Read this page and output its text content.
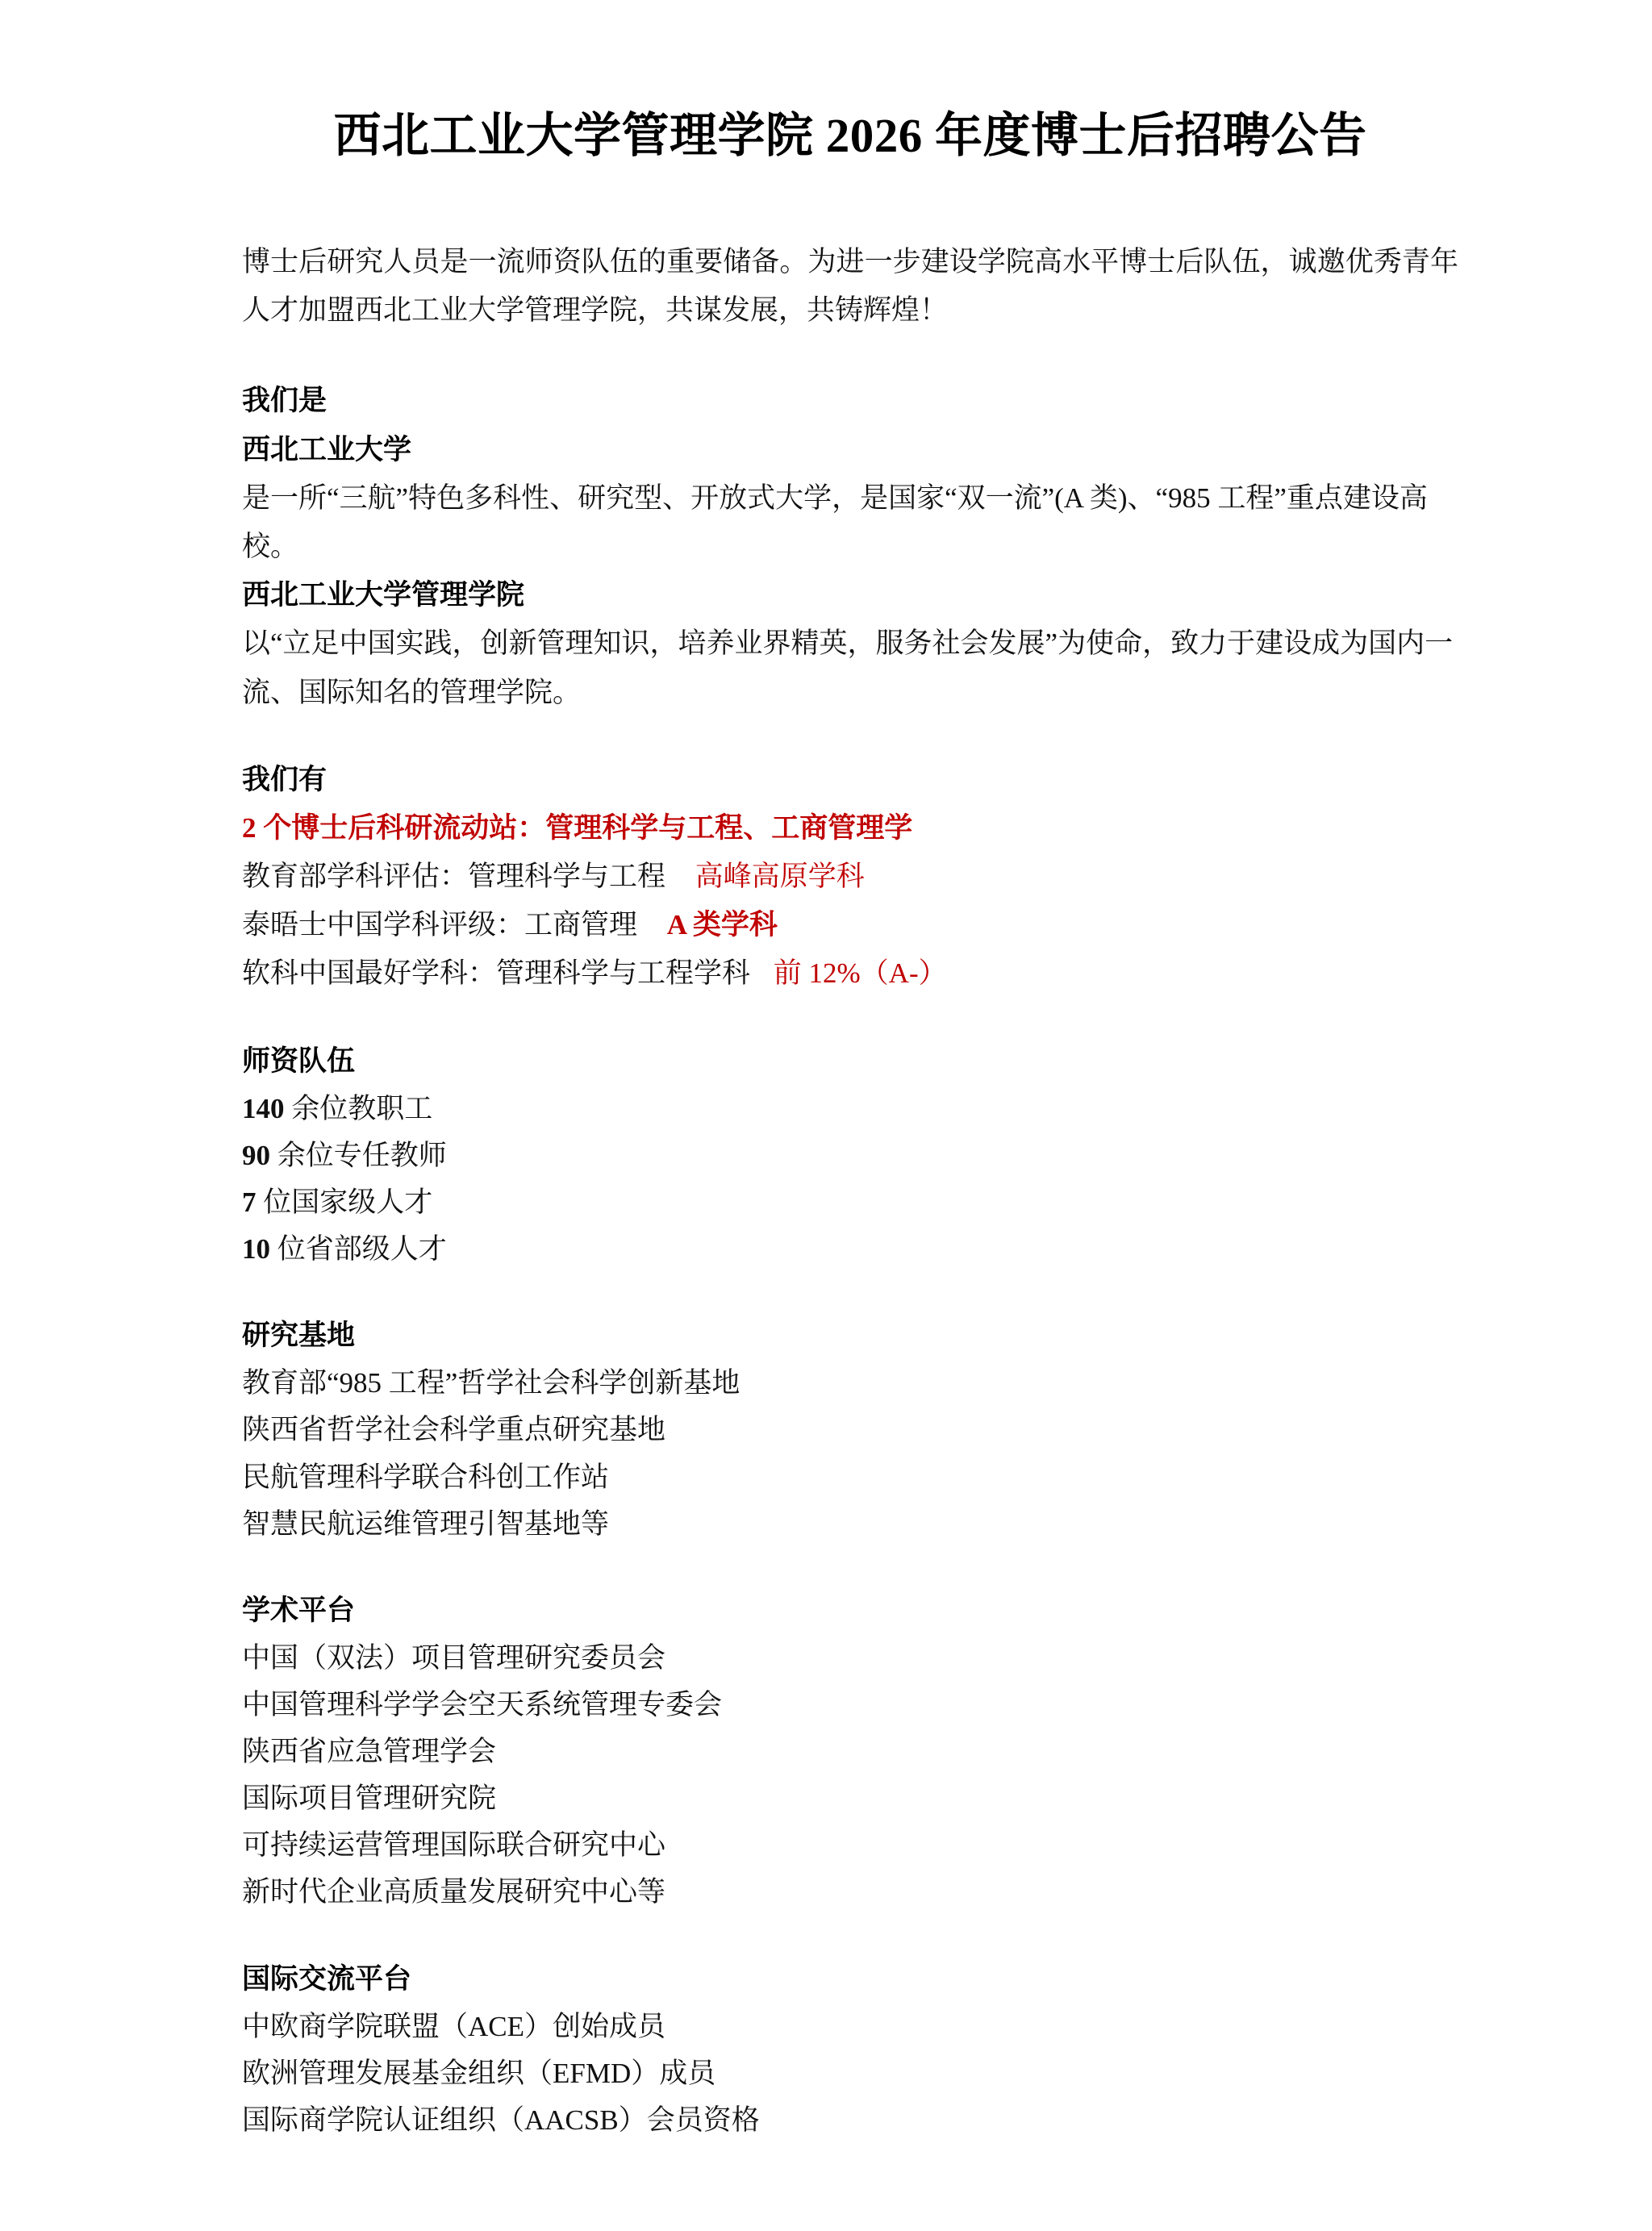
西北工业大学管理学院 2026 年度博士后招聘公告

博士后研究人员是一流师资队伍的重要储备。为进一步建设学院高水平博士后队伍，诚邀优秀青年人才加盟西北工业大学管理学院，共谋发展，共铸辉煌！

我们是

西北工业大学

是一所“三航”特色多科性、研究型、开放式大学，是国家“双一流”(A 类)、“985 工程”重点建设高校。

西北工业大学管理学院

以“立足中国实践，创新管理知识，培养业界精英，服务社会发展”为使命，致力于建设成为国内一流、国际知名的管理学院。

我们有

2 个博士后科研流动站：管理科学与工程、工商管理学

教育部学科评估：管理科学与工程 高峰高原学科

泰晤士中国学科评级：工商管理 A 类学科

软科中国最好学科：管理科学与工程学科 前 12%（A-）

师资队伍

140 余位教职工

90 余位专任教师

7 位国家级人才

10 位省部级人才

研究基地

教育部“985 工程”哲学社会科学创新基地

陕西省哲学社会科学重点研究基地

民航管理科学联合科创工作站

智慧民航运维管理引智基地等

学术平台

中国（双法）项目管理研究委员会

中国管理科学学会空天系统管理专委会

陕西省应急管理学会

国际项目管理研究院

可持续运营管理国际联合研究中心

新时代企业高质量发展研究中心等

国际交流平台

中欧商学院联盟（ACE）创始成员

欧洲管理发展基金组织（EFMD）成员

国际商学院认证组织（AACSB）会员资格
